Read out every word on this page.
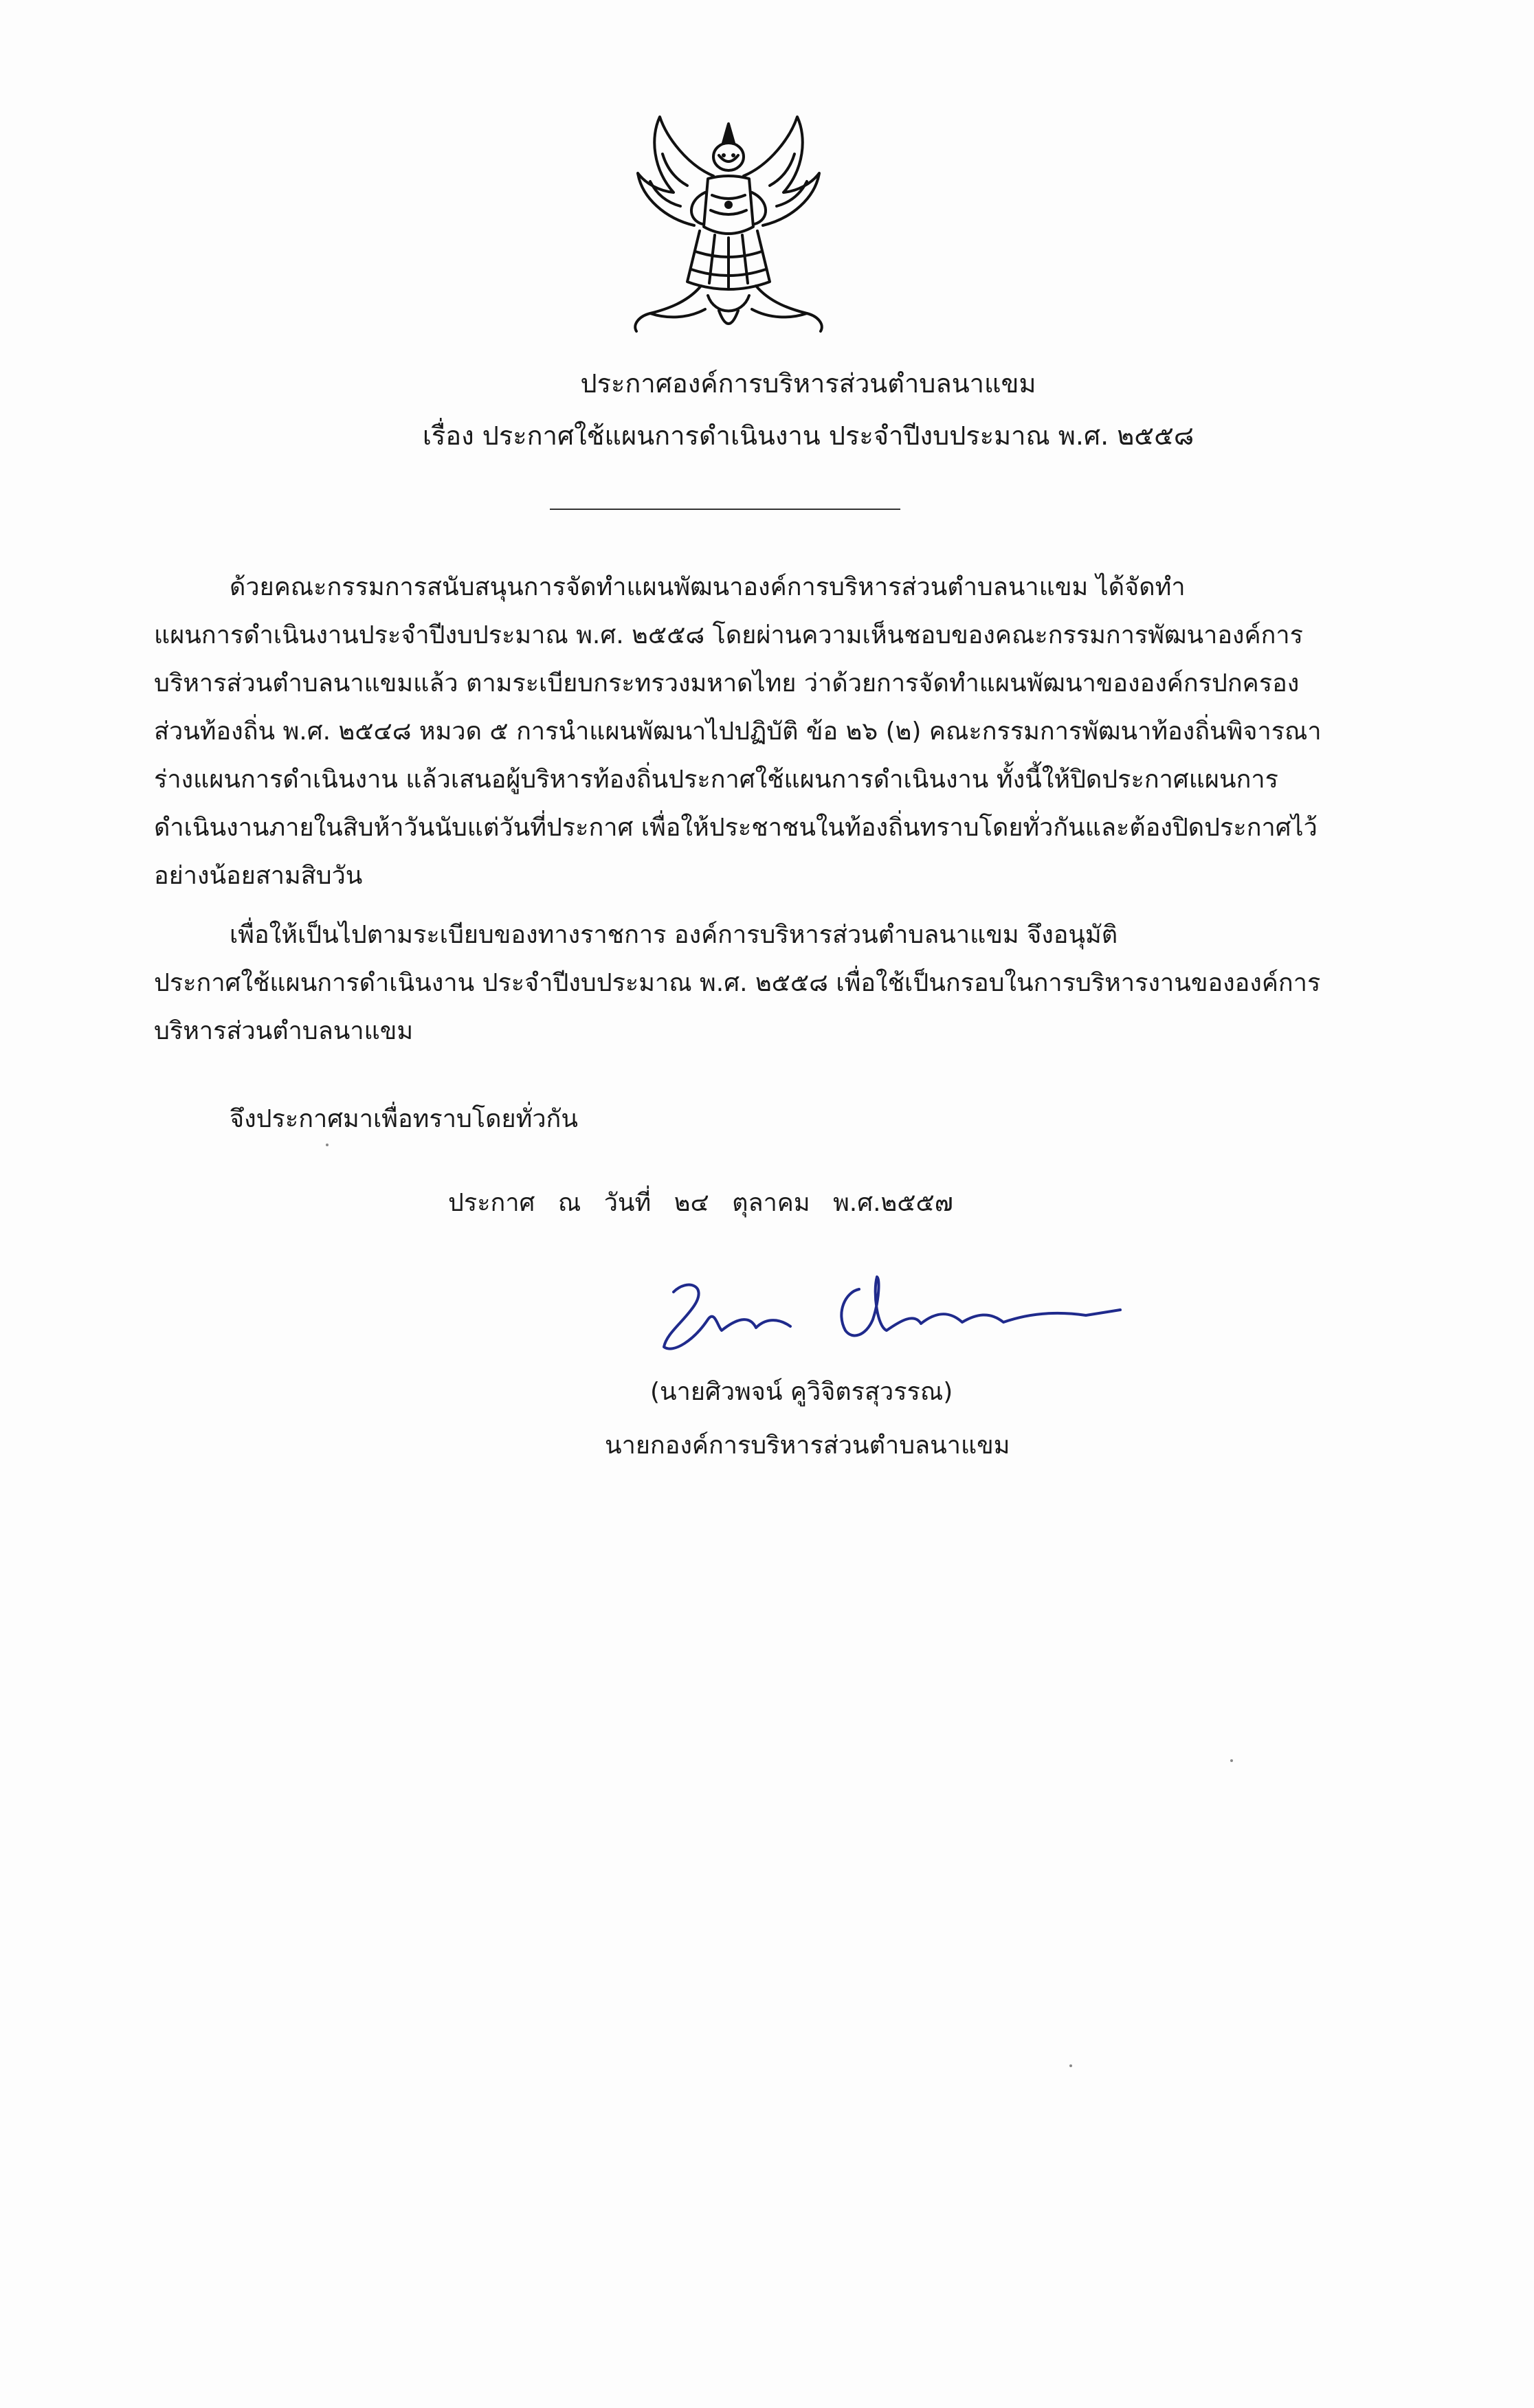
ประกาศองค์การบริหารส่วนตำบลนาแขม
เรื่อง ประกาศใช้แผนการดำเนินงาน ประจำปีงบประมาณ พ.ศ. ๒๕๕๘
ด้วยคณะกรรมการสนับสนุนการจัดทำแผนพัฒนาองค์การบริหารส่วนตำบลนาแขม ได้จัดทำ
แผนการดำเนินงานประจำปีงบประมาณ พ.ศ. ๒๕๕๘ โดยผ่านความเห็นชอบของคณะกรรมการพัฒนาองค์การ
บริหารส่วนตำบลนาแขมแล้ว ตามระเบียบกระทรวงมหาดไทย ว่าด้วยการจัดทำแผนพัฒนาขององค์กรปกครอง
ส่วนท้องถิ่น พ.ศ. ๒๕๔๘ หมวด ๕ การนำแผนพัฒนาไปปฏิบัติ ข้อ ๒๖ (๒) คณะกรรมการพัฒนาท้องถิ่นพิจารณา
ร่างแผนการดำเนินงาน แล้วเสนอผู้บริหารท้องถิ่นประกาศใช้แผนการดำเนินงาน ทั้งนี้ให้ปิดประกาศแผนการ
ดำเนินงานภายในสิบห้าวันนับแต่วันที่ประกาศ เพื่อให้ประชาชนในท้องถิ่นทราบโดยทั่วกันและต้องปิดประกาศไว้
อย่างน้อยสามสิบวัน
เพื่อให้เป็นไปตามระเบียบของทางราชการ องค์การบริหารส่วนตำบลนาแขม จึงอนุมัติ
ประกาศใช้แผนการดำเนินงาน ประจำปีงบประมาณ พ.ศ. ๒๕๕๘ เพื่อใช้เป็นกรอบในการบริหารงานขององค์การ
บริหารส่วนตำบลนาแขม
จึงประกาศมาเพื่อทราบโดยทั่วกัน
ประกาศ ณ วันที่ ๒๔ ตุลาคม พ.ศ.๒๕๕๗
(นายศิวพจน์ คูวิจิตรสุวรรณ)
นายกองค์การบริหารส่วนตำบลนาแขม
